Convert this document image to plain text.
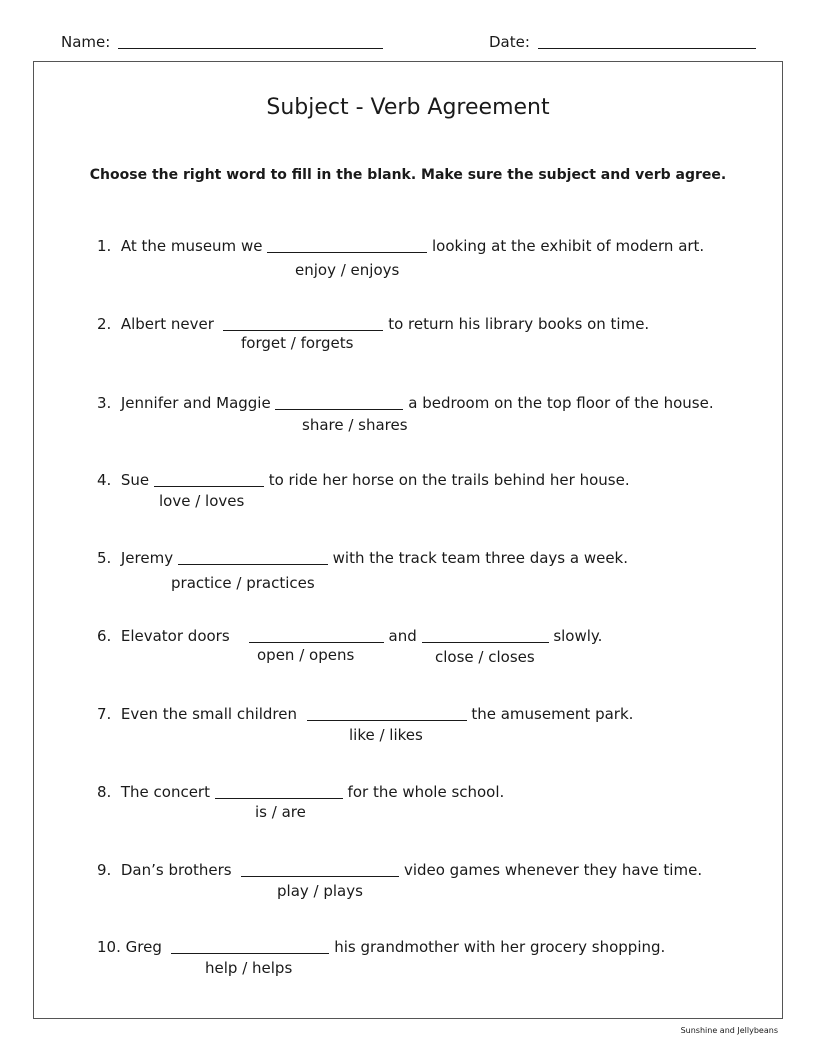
Name:	Date:
Subject - Verb Agreement
Choose the right word to fill in the blank. Make sure the subject and verb agree.
1. At the museum we	looking at the exhibit of modern art.
enjoy / enjoys
2. Albert never	to return his library books on time.
forget / forgets
3. Jennifer and Maggie	a bedroom on the top floor of the house.
share / shares
4. Sue	to ride her horse on the trails behind her house.
love / loves
5. Jeremy	with the track team three days a week.
practice / practices
6. Elevator doors	and	slowly.
open / opens	close / closes
7. Even the small children	the amusement park.
like / likes
8. The concert	for the whole school.
is / are
9. Dan’s brothers	video games whenever they have time.
play / plays
10. Greg	his grandmother with her grocery shopping.
help / helps
Sunshine and Jellybeans
